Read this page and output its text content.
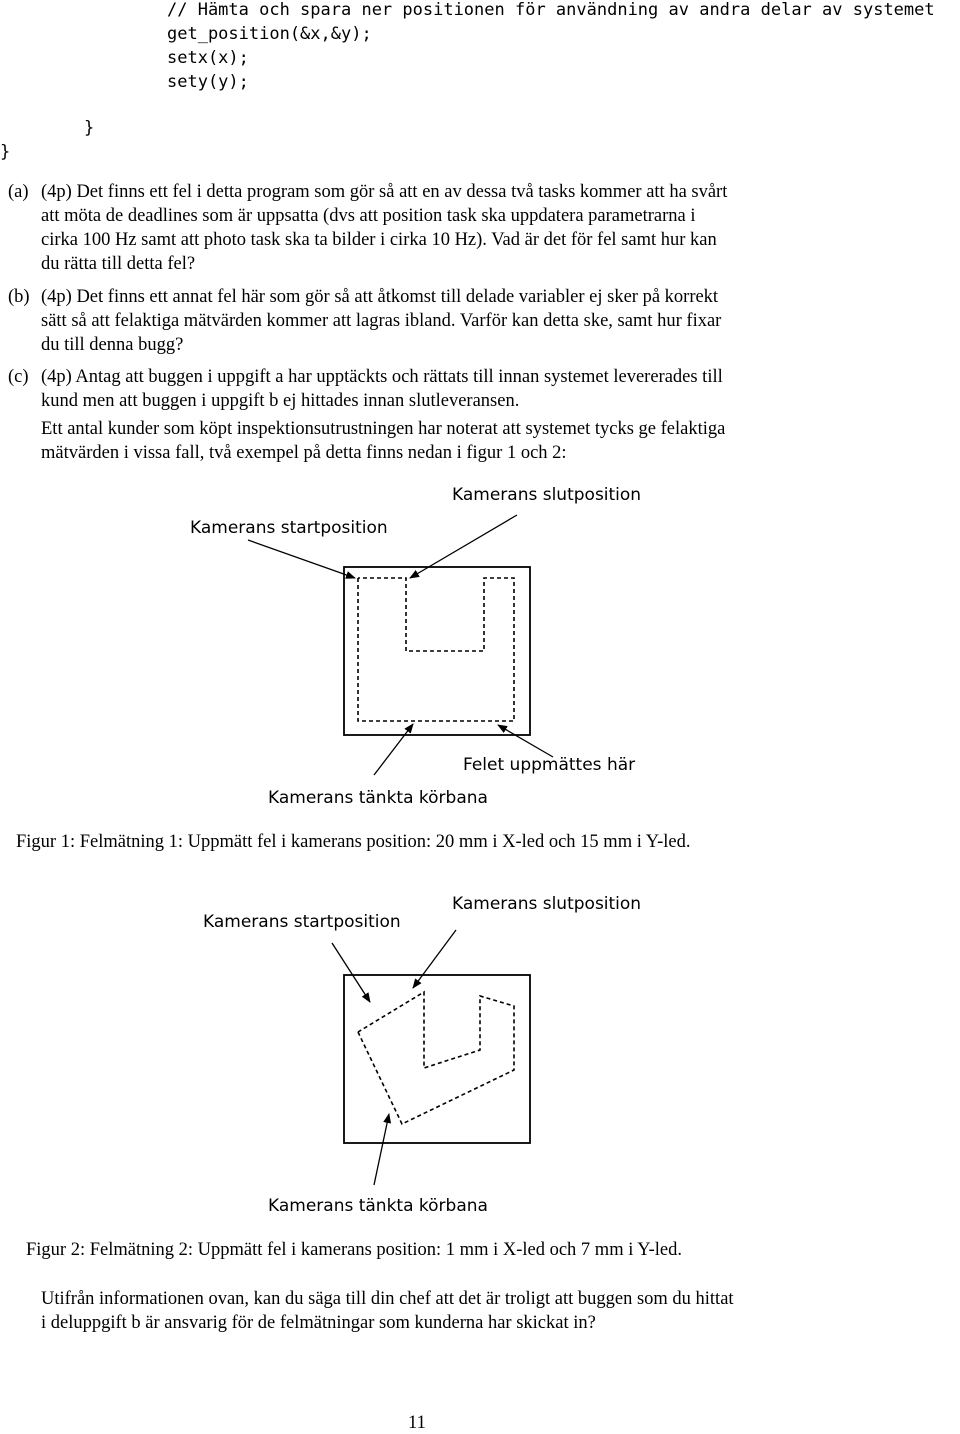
// Hämta och spara ner positionen för användning av andra delar av systemet
get_position(&x,&y);
setx(x);
sety(y);
}
}
(a) (4p) Det finns ett fel i detta program som gör så att en av dessa två tasks kommer att ha svårt
att möta de deadlines som är uppsatta (dvs att position task ska uppdatera parametrarna i
cirka 100 Hz samt att photo task ska ta bilder i cirka 10 Hz). Vad är det för fel samt hur kan
du rätta till detta fel?
(b) (4p) Det finns ett annat fel här som gör så att åtkomst till delade variabler ej sker på korrekt
sätt så att felaktiga mätvärden kommer att lagras ibland. Varför kan detta ske, samt hur fixar
du till denna bugg?
(c) (4p) Antag att buggen i uppgift a har upptäckts och rättats till innan systemet levererades till
kund men att buggen i uppgift b ej hittades innan slutleveransen.
Ett antal kunder som köpt inspektionsutrustningen har noterat att systemet tycks ge felaktiga
mätvärden i vissa fall, två exempel på detta finns nedan i figur 1 och 2:
Kamerans startposition
Kamerans slutposition
Felet uppmättes här
Kamerans tänkta körbana
Figur 1: Felmätning 1: Uppmätt fel i kamerans position: 20 mm i X-led och 15 mm i Y-led.
Kamerans startposition
Kamerans slutposition
Kamerans tänkta körbana
Figur 2: Felmätning 2: Uppmätt fel i kamerans position: 1 mm i X-led och 7 mm i Y-led.
Utifrån informationen ovan, kan du säga till din chef att det är troligt att buggen som du hittat
i deluppgift b är ansvarig för de felmätningar som kunderna har skickat in?
11
